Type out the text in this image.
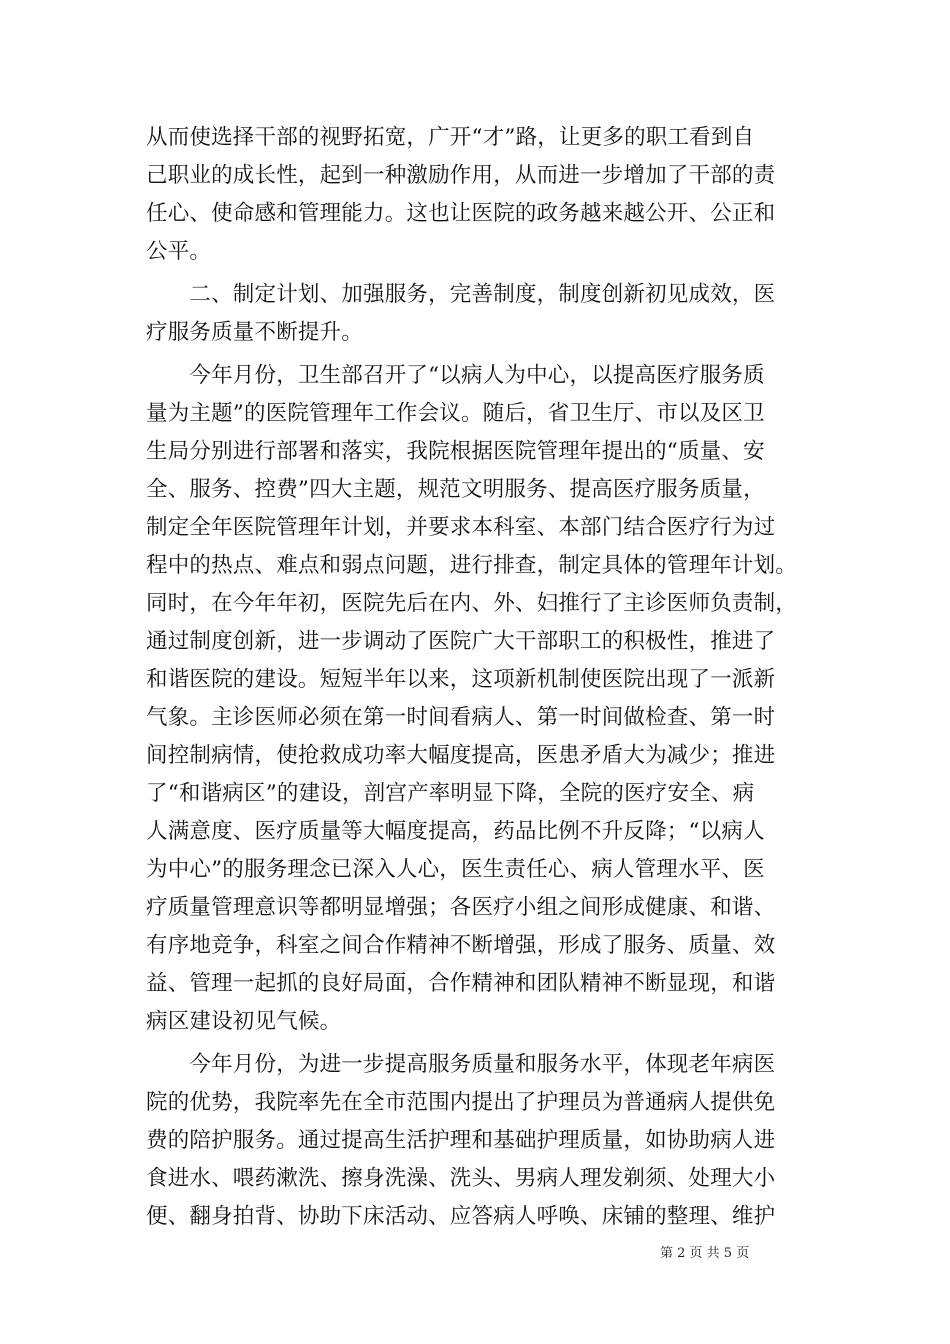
从而使选择干部的视野拓宽，广开“才”路，让更多的职工看到自
己职业的成长性，起到一种激励作用，从而进一步增加了干部的责
任心、使命感和管理能力。这也让医院的政务越来越公开、公正和
公平。
　　二、制定计划、加强服务，完善制度，制度创新初见成效，医
疗服务质量不断提升。
　　今年月份，卫生部召开了“以病人为中心，以提高医疗服务质
量为主题”的医院管理年工作会议。随后，省卫生厅、市以及区卫
生局分别进行部署和落实，我院根据医院管理年提出的“质量、安
全、服务、控费”四大主题，规范文明服务、提高医疗服务质量，
制定全年医院管理年计划，并要求本科室、本部门结合医疗行为过
程中的热点、难点和弱点问题，进行排查，制定具体的管理年计划。
同时，在今年年初，医院先后在内、外、妇推行了主诊医师负责制，
通过制度创新，进一步调动了医院广大干部职工的积极性，推进了
和谐医院的建设。短短半年以来，这项新机制使医院出现了一派新
气象。主诊医师必须在第一时间看病人、第一时间做检查、第一时
间控制病情，使抢救成功率大幅度提高，医患矛盾大为减少；推进
了“和谐病区”的建设，剖宫产率明显下降，全院的医疗安全、病
人满意度、医疗质量等大幅度提高，药品比例不升反降；“以病人
为中心”的服务理念已深入人心，医生责任心、病人管理水平、医
疗质量管理意识等都明显增强；各医疗小组之间形成健康、和谐、
有序地竞争，科室之间合作精神不断增强，形成了服务、质量、效
益、管理一起抓的良好局面，合作精神和团队精神不断显现，和谐
病区建设初见气候。
　　今年月份，为进一步提高服务质量和服务水平，体现老年病医
院的优势，我院率先在全市范围内提出了护理员为普通病人提供免
费的陪护服务。通过提高生活护理和基础护理质量，如协助病人进
食进水、喂药漱洗、擦身洗澡、洗头、男病人理发剃须、处理大小
便、翻身拍背、协助下床活动、应答病人呼唤、床铺的整理、维护
第 2 页 共 5 页
